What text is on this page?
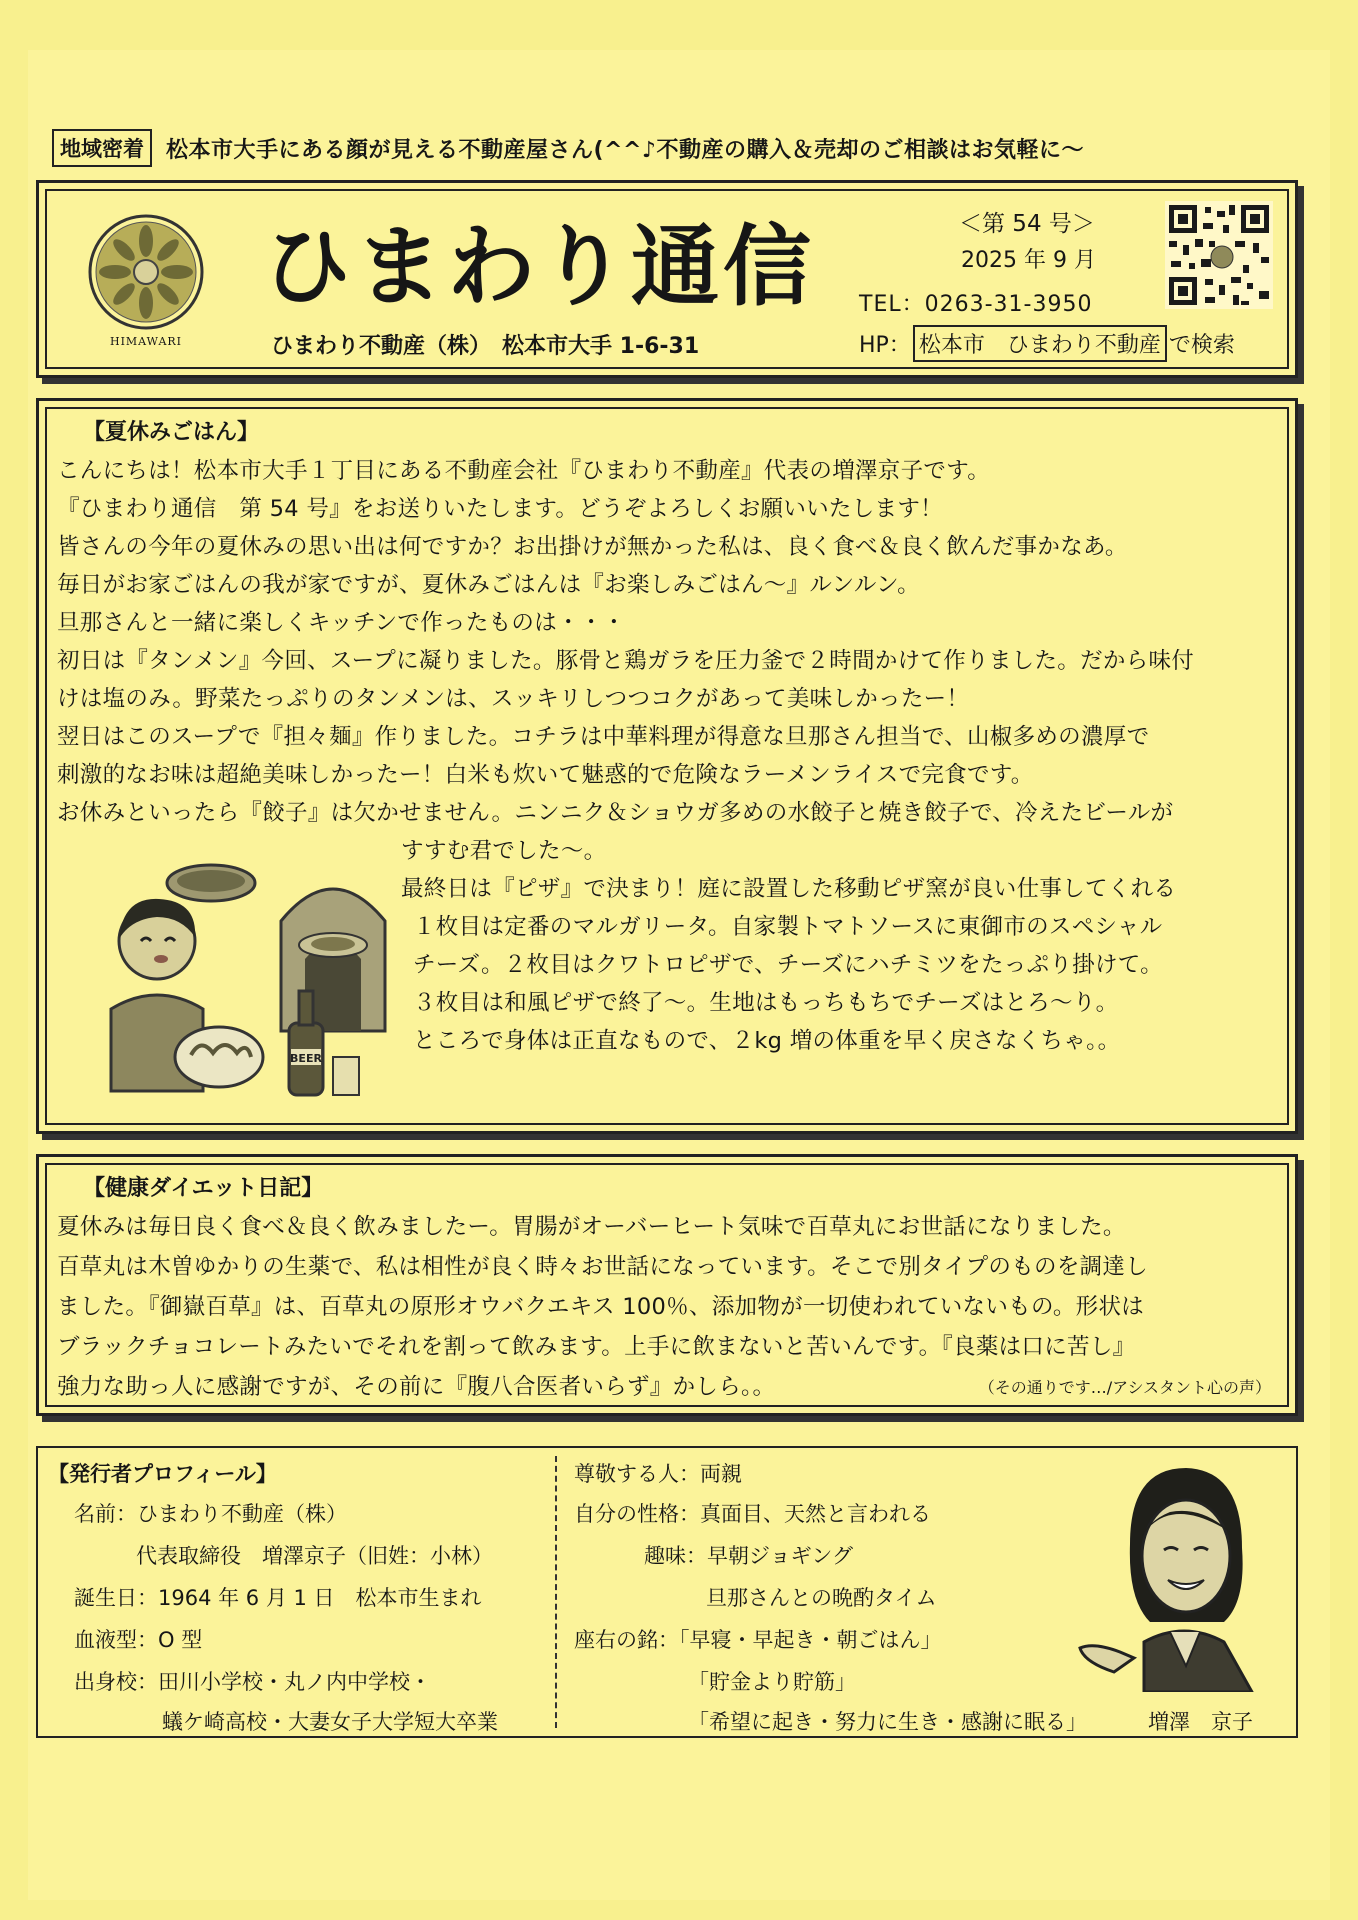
地域密着	松本市大手にある顔が見える不動産屋さん(^^♪不動産の購入＆売却のご相談はお気軽に～
HIMAWARI
ひまわり通信	＜第 54 号＞
2025 年 9 月
TEL：0263-31-3950
ひまわり不動産（株）　松本市大手 1-6-31	HP： 松本市　ひまわり不動産 で検索
【夏休みごはん】
こんにちは！松本市大手１丁目にある不動産会社『ひまわり不動産』代表の増澤京子です。
『ひまわり通信　第 54 号』をお送りいたします。どうぞよろしくお願いいたします！
皆さんの今年の夏休みの思い出は何ですか？お出掛けが無かった私は、良く食べ＆良く飲んだ事かなあ。
毎日がお家ごはんの我が家ですが、夏休みごはんは『お楽しみごはん～』ルンルン。
旦那さんと一緒に楽しくキッチンで作ったものは・・・
初日は『タンメン』今回、スープに凝りました。豚骨と鶏ガラを圧力釜で２時間かけて作りました。だから味付
けは塩のみ。野菜たっぷりのタンメンは、スッキリしつつコクがあって美味しかったー！
翌日はこのスープで『担々麺』作りました。コチラは中華料理が得意な旦那さん担当で、山椒多めの濃厚で
刺激的なお味は超絶美味しかったー！白米も炊いて魅惑的で危険なラーメンライスで完食です。
お休みといったら『餃子』は欠かせません。ニンニク＆ショウガ多めの水餃子と焼き餃子で、冷えたビールが
すすむ君でした～。
最終日は『ピザ』で決まり！庭に設置した移動ピザ窯が良い仕事してくれる
１枚目は定番のマルガリータ。自家製トマトソースに東御市のスペシャル
チーズ。２枚目はクワトロピザで、チーズにハチミツをたっぷり掛けて。
３枚目は和風ピザで終了～。生地はもっちもちでチーズはとろ～り。
ところで身体は正直なもので、２kg 増の体重を早く戻さなくちゃ。。
BEER
【健康ダイエット日記】
夏休みは毎日良く食べ＆良く飲みましたー。胃腸がオーバーヒート気味で百草丸にお世話になりました。
百草丸は木曽ゆかりの生薬で、私は相性が良く時々お世話になっています。そこで別タイプのものを調達し
ました。『御嶽百草』は、百草丸の原形オウバクエキス 100％、添加物が一切使われていないもの。形状は
ブラックチョコレートみたいでそれを割って飲みます。上手に飲まないと苦いんです。『良薬は口に苦し』
強力な助っ人に感謝ですが、その前に『腹八合医者いらず』かしら。。	（その通りです…/アシスタント心の声）
【発行者プロフィール】
名前：ひまわり不動産（株）
代表取締役　増澤京子（旧姓：小林）
誕生日：1964 年 6 月 1 日　松本市生まれ
血液型：O 型
出身校：田川小学校・丸ノ内中学校・
蟻ケ崎高校・大妻女子大学短大卒業
尊敬する人：両親
自分の性格：真面目、天然と言われる
趣味：早朝ジョギング
旦那さんとの晩酌タイム
座右の銘：「早寝・早起き・朝ごはん」
「貯金より貯筋」
「希望に起き・努力に生き・感謝に眠る」	増澤　京子
